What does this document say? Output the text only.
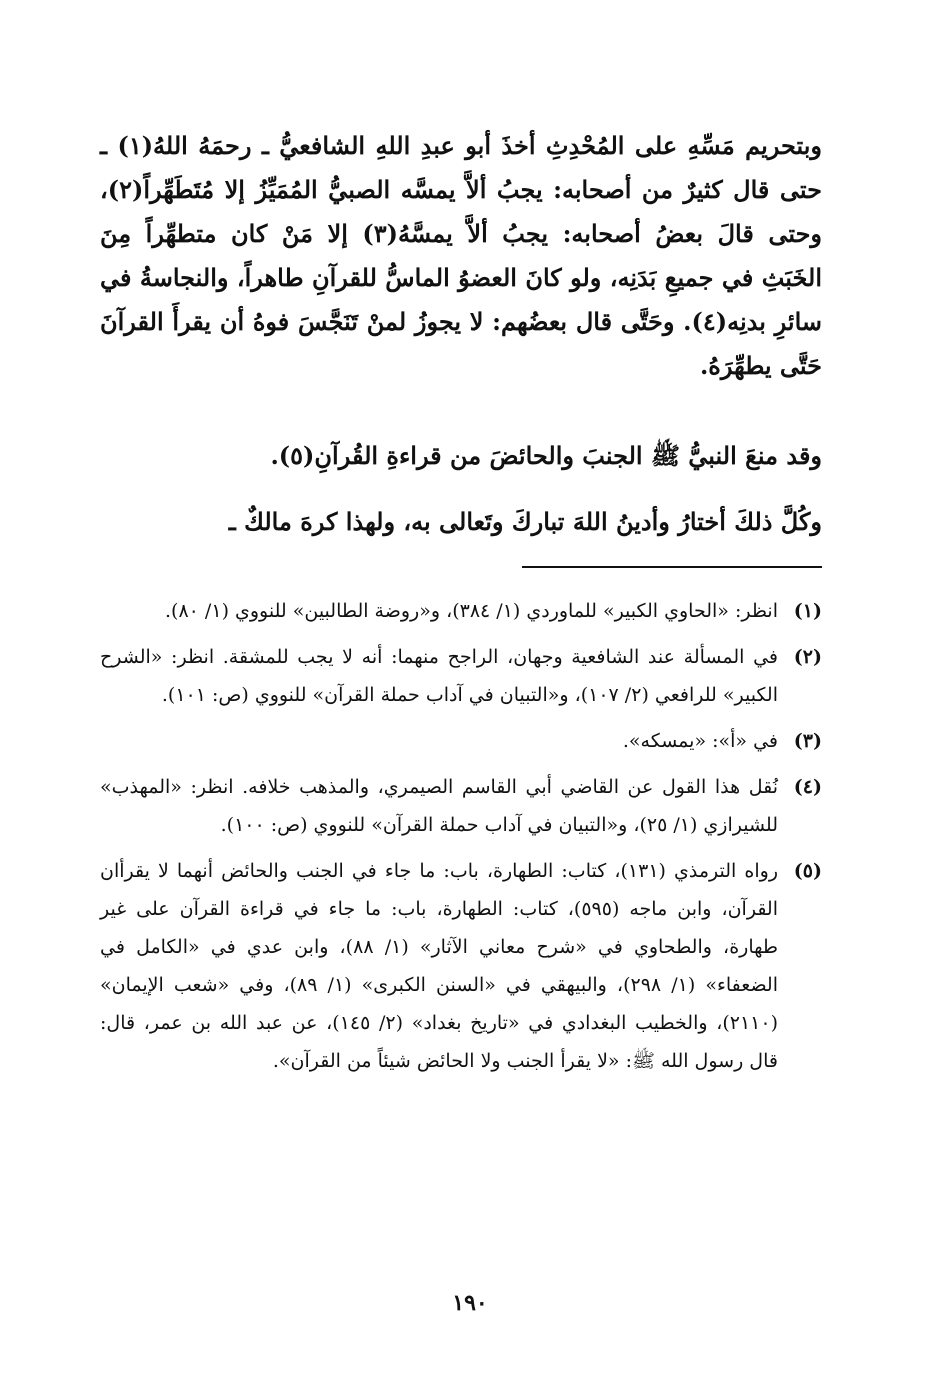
وبتحريم مَسِّهِ على المُحْدِثِ أخذَ أبو عبدِ اللهِ الشافعيُّ ـ رحمَهُ اللهُ(١) ـ حتى قال كثيرٌ من أصحابه: يجبُ ألاَّ يمسَّه الصبيُّ المُمَيِّزُ إلا مُتَطَهِّراً(٢)، وحتى قالَ بعضُ أصحابه: يجبُ ألاَّ يمسَّهُ(٣) إلا مَنْ كان متطهِّراً مِنَ الخَبَثِ في جميعِ بَدَنِه، ولو كانَ العضوُ الماسُّ للقرآنِ طاهراً، والنجاسةُ في سائرِ بدنِه(٤). وحَتَّى قال بعضُهم: لا يجوزُ لمنْ تَنَجَّسَ فوهُ أن يقرأَ القرآنَ حَتَّى يطهِّرَهُ.

وقد منعَ النبيُّ ﷺ الجنبَ والحائضَ من قراءةِ القُرآنِ(٥).

وكُلَّ ذلكَ أختارُ وأدينُ اللهَ تباركَ وتَعالى به، ولهذا كرهَ مالكٌ ـ

(١)
انظر: «الحاوي الكبير» للماوردي (١/ ٣٨٤)، و«روضة الطالبين» للنووي (١/ ٨٠).
(٢)
في المسألة عند الشافعية وجهان، الراجح منهما: أنه لا يجب للمشقة. انظر: «الشرح الكبير» للرافعي (٢/ ١٠٧)، و«التبيان في آداب حملة القرآن» للنووي (ص: ١٠١).
(٣)
في «أ»: «يمسكه».
(٤)
نُقل هذا القول عن القاضي أبي القاسم الصيمري، والمذهب خلافه. انظر: «المهذب» للشيرازي (١/ ٢٥)، و«التبيان في آداب حملة القرآن» للنووي (ص: ١٠٠).
(٥)
رواه الترمذي (١٣١)، كتاب: الطهارة، باب: ما جاء في الجنب والحائض أنهما لا يقرأان القرآن، وابن ماجه (٥٩٥)، كتاب: الطهارة، باب: ما جاء في قراءة القرآن على غير طهارة، والطحاوي في «شرح معاني الآثار» (١/ ٨٨)، وابن عدي في «الكامل في الضعفاء» (١/ ٢٩٨)، والبيهقي في «السنن الكبرى» (١/ ٨٩)، وفي «شعب الإيمان» (٢١١٠)، والخطيب البغدادي في «تاريخ بغداد» (٢/ ١٤٥)، عن عبد الله بن عمر، قال: قال رسول الله ﷺ: «لا يقرأ الجنب ولا الحائض شيئاً من القرآن».
١٩٠
